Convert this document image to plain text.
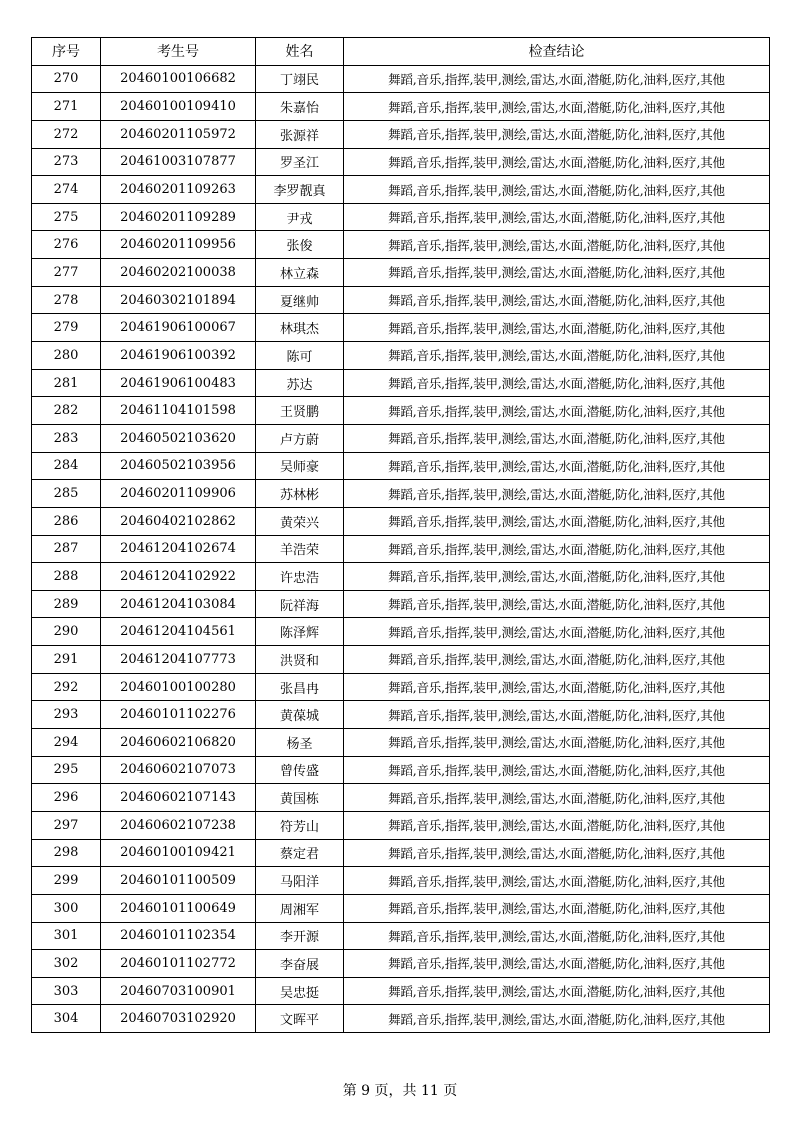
序号	考生号	姓名	检查结论
270	20460100106682	丁翊民	舞蹈,音乐,指挥,装甲,测绘,雷达,水面,潜艇,防化,油料,医疗,其他
271	20460100109410	朱嘉怡	舞蹈,音乐,指挥,装甲,测绘,雷达,水面,潜艇,防化,油料,医疗,其他
272	20460201105972	张源祥	舞蹈,音乐,指挥,装甲,测绘,雷达,水面,潜艇,防化,油料,医疗,其他
273	20461003107877	罗圣江	舞蹈,音乐,指挥,装甲,测绘,雷达,水面,潜艇,防化,油料,医疗,其他
274	20460201109263	李罗靓真	舞蹈,音乐,指挥,装甲,测绘,雷达,水面,潜艇,防化,油料,医疗,其他
275	20460201109289	尹戎	舞蹈,音乐,指挥,装甲,测绘,雷达,水面,潜艇,防化,油料,医疗,其他
276	20460201109956	张俊	舞蹈,音乐,指挥,装甲,测绘,雷达,水面,潜艇,防化,油料,医疗,其他
277	20460202100038	林立森	舞蹈,音乐,指挥,装甲,测绘,雷达,水面,潜艇,防化,油料,医疗,其他
278	20460302101894	夏继帅	舞蹈,音乐,指挥,装甲,测绘,雷达,水面,潜艇,防化,油料,医疗,其他
279	20461906100067	林琪杰	舞蹈,音乐,指挥,装甲,测绘,雷达,水面,潜艇,防化,油料,医疗,其他
280	20461906100392	陈可	舞蹈,音乐,指挥,装甲,测绘,雷达,水面,潜艇,防化,油料,医疗,其他
281	20461906100483	苏达	舞蹈,音乐,指挥,装甲,测绘,雷达,水面,潜艇,防化,油料,医疗,其他
282	20461104101598	王贤鹏	舞蹈,音乐,指挥,装甲,测绘,雷达,水面,潜艇,防化,油料,医疗,其他
283	20460502103620	卢方蔚	舞蹈,音乐,指挥,装甲,测绘,雷达,水面,潜艇,防化,油料,医疗,其他
284	20460502103956	吴师豪	舞蹈,音乐,指挥,装甲,测绘,雷达,水面,潜艇,防化,油料,医疗,其他
285	20460201109906	苏林彬	舞蹈,音乐,指挥,装甲,测绘,雷达,水面,潜艇,防化,油料,医疗,其他
286	20460402102862	黄荣兴	舞蹈,音乐,指挥,装甲,测绘,雷达,水面,潜艇,防化,油料,医疗,其他
287	20461204102674	羊浩荣	舞蹈,音乐,指挥,装甲,测绘,雷达,水面,潜艇,防化,油料,医疗,其他
288	20461204102922	许忠浩	舞蹈,音乐,指挥,装甲,测绘,雷达,水面,潜艇,防化,油料,医疗,其他
289	20461204103084	阮祥海	舞蹈,音乐,指挥,装甲,测绘,雷达,水面,潜艇,防化,油料,医疗,其他
290	20461204104561	陈泽辉	舞蹈,音乐,指挥,装甲,测绘,雷达,水面,潜艇,防化,油料,医疗,其他
291	20461204107773	洪贤和	舞蹈,音乐,指挥,装甲,测绘,雷达,水面,潜艇,防化,油料,医疗,其他
292	20460100100280	张昌冉	舞蹈,音乐,指挥,装甲,测绘,雷达,水面,潜艇,防化,油料,医疗,其他
293	20460101102276	黄葆城	舞蹈,音乐,指挥,装甲,测绘,雷达,水面,潜艇,防化,油料,医疗,其他
294	20460602106820	杨圣	舞蹈,音乐,指挥,装甲,测绘,雷达,水面,潜艇,防化,油料,医疗,其他
295	20460602107073	曾传盛	舞蹈,音乐,指挥,装甲,测绘,雷达,水面,潜艇,防化,油料,医疗,其他
296	20460602107143	黄国栋	舞蹈,音乐,指挥,装甲,测绘,雷达,水面,潜艇,防化,油料,医疗,其他
297	20460602107238	符芳山	舞蹈,音乐,指挥,装甲,测绘,雷达,水面,潜艇,防化,油料,医疗,其他
298	20460100109421	蔡定君	舞蹈,音乐,指挥,装甲,测绘,雷达,水面,潜艇,防化,油料,医疗,其他
299	20460101100509	马阳洋	舞蹈,音乐,指挥,装甲,测绘,雷达,水面,潜艇,防化,油料,医疗,其他
300	20460101100649	周湘军	舞蹈,音乐,指挥,装甲,测绘,雷达,水面,潜艇,防化,油料,医疗,其他
301	20460101102354	李开源	舞蹈,音乐,指挥,装甲,测绘,雷达,水面,潜艇,防化,油料,医疗,其他
302	20460101102772	李奋展	舞蹈,音乐,指挥,装甲,测绘,雷达,水面,潜艇,防化,油料,医疗,其他
303	20460703100901	吴忠挺	舞蹈,音乐,指挥,装甲,测绘,雷达,水面,潜艇,防化,油料,医疗,其他
304	20460703102920	文晖平	舞蹈,音乐,指挥,装甲,测绘,雷达,水面,潜艇,防化,油料,医疗,其他
第 9 页，共 11 页
